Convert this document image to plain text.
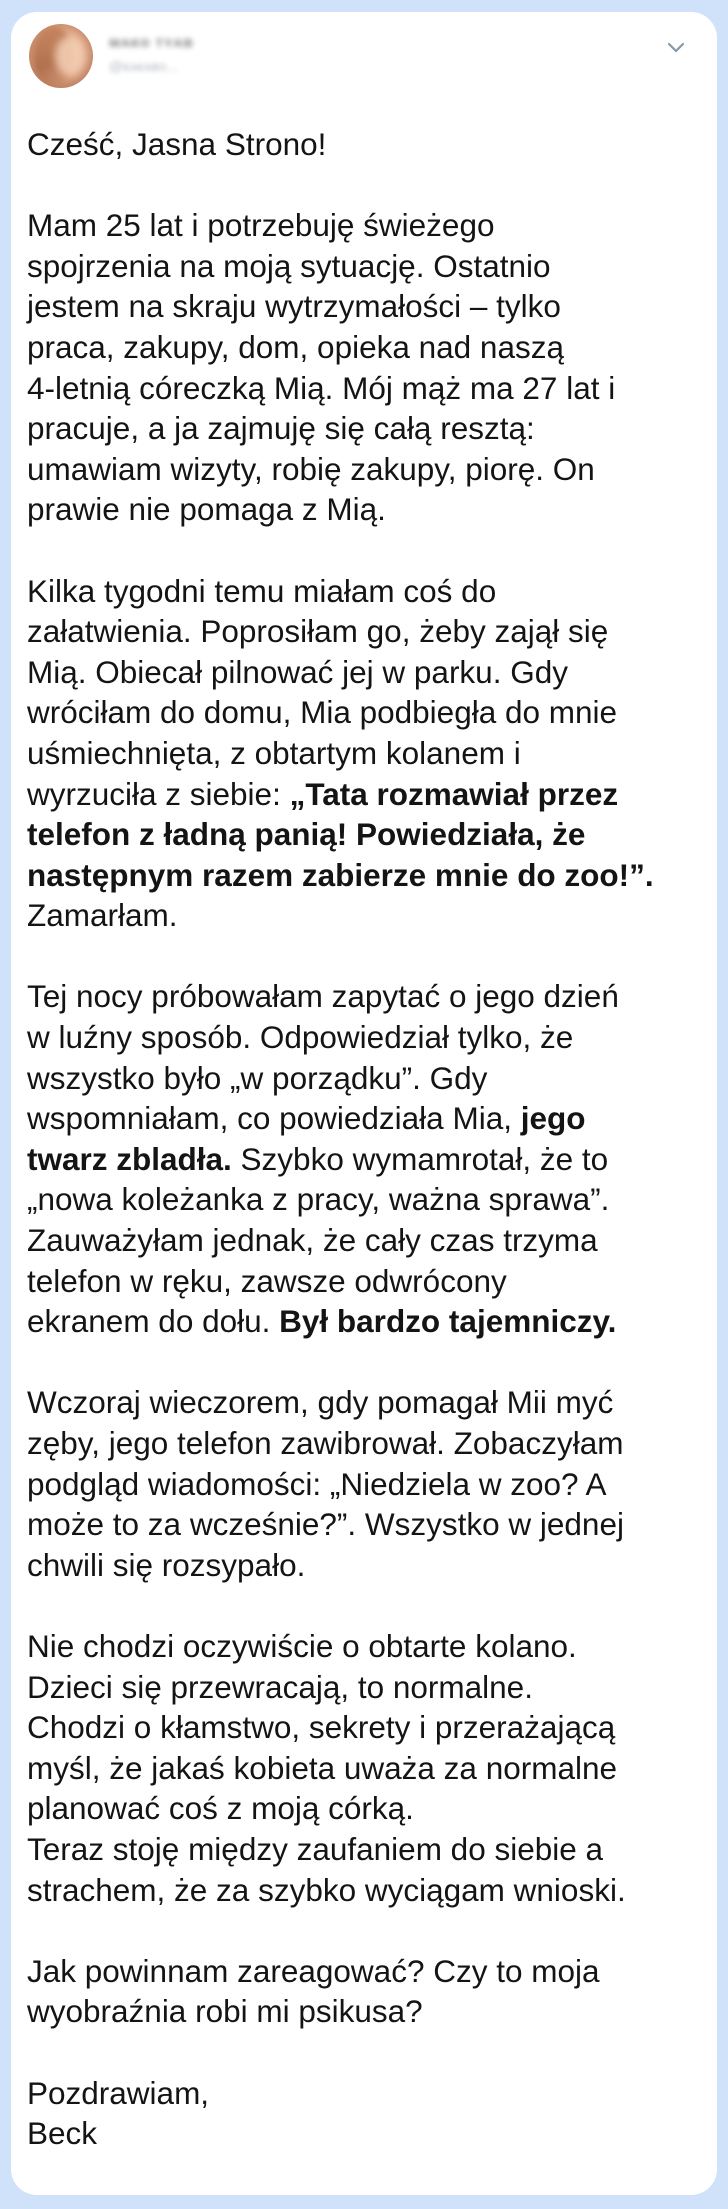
ᴍᴀᴋᴏ ᴛʏᴀʙ
@ᴋᴀᴋᴀʙᴏ...
Cześć, Jasna Strono!
Mam 25 lat i potrzebuję świeżego
spojrzenia na moją sytuację. Ostatnio
jestem na skraju wytrzymałości – tylko
praca, zakupy, dom, opieka nad naszą
4-letnią córeczką Mią. Mój mąż ma 27 lat i
pracuje, a ja zajmuję się całą resztą:
umawiam wizyty, robię zakupy, piorę. On
prawie nie pomaga z Mią.
Kilka tygodni temu miałam coś do
załatwienia. Poprosiłam go, żeby zajął się
Mią. Obiecał pilnować jej w parku. Gdy
wróciłam do domu, Mia podbiegła do mnie
uśmiechnięta, z obtartym kolanem i
wyrzuciła z siebie: „Tata rozmawiał przez
telefon z ładną panią! Powiedziała, że
następnym razem zabierze mnie do zoo!”.
Zamarłam.
Tej nocy próbowałam zapytać o jego dzień
w luźny sposób. Odpowiedział tylko, że
wszystko było „w porządku”. Gdy
wspomniałam, co powiedziała Mia, jego
twarz zbladła. Szybko wymamrotał, że to
„nowa koleżanka z pracy, ważna sprawa”.
Zauważyłam jednak, że cały czas trzyma
telefon w ręku, zawsze odwrócony
ekranem do dołu. Był bardzo tajemniczy.
Wczoraj wieczorem, gdy pomagał Mii myć
zęby, jego telefon zawibrował. Zobaczyłam
podgląd wiadomości: „Niedziela w zoo? A
może to za wcześnie?”. Wszystko w jednej
chwili się rozsypało.
Nie chodzi oczywiście o obtarte kolano.
Dzieci się przewracają, to normalne.
Chodzi o kłamstwo, sekrety i przerażającą
myśl, że jakaś kobieta uważa za normalne
planować coś z moją córką.
Teraz stoję między zaufaniem do siebie a
strachem, że za szybko wyciągam wnioski.
Jak powinnam zareagować? Czy to moja
wyobraźnia robi mi psikusa?
Pozdrawiam,
Beck
